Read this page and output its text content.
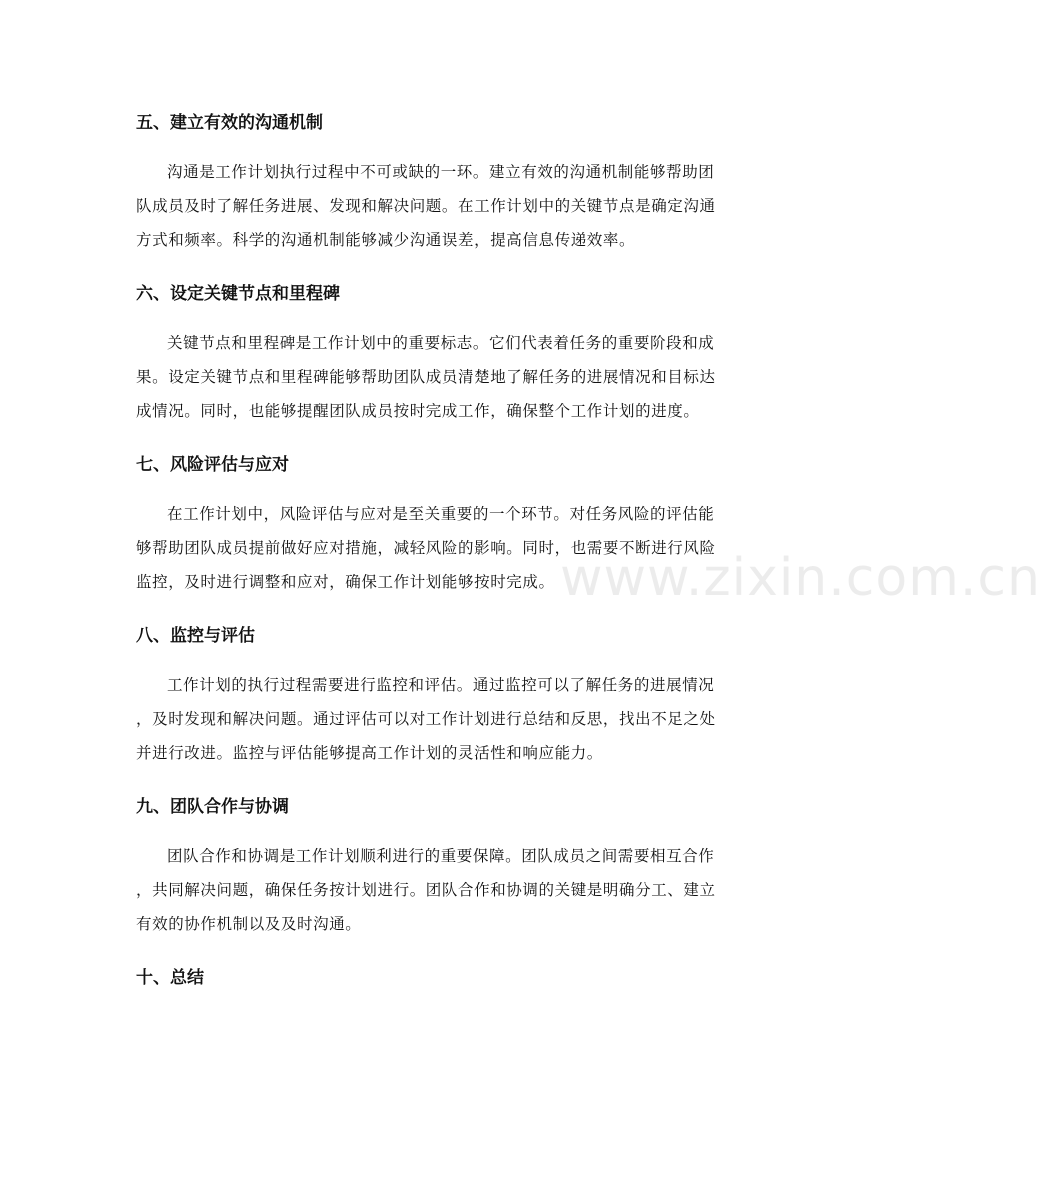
www.zixin.com.cn
五、建立有效的沟通机制

沟通是工作计划执行过程中不可或缺的一环。建立有效的沟通机制能够帮助团
队成员及时了解任务进展、发现和解决问题。在工作计划中的关键节点是确定沟通
方式和频率。科学的沟通机制能够减少沟通误差，提高信息传递效率。

六、设定关键节点和里程碑

关键节点和里程碑是工作计划中的重要标志。它们代表着任务的重要阶段和成
果。设定关键节点和里程碑能够帮助团队成员清楚地了解任务的进展情况和目标达
成情况。同时，也能够提醒团队成员按时完成工作，确保整个工作计划的进度。

七、风险评估与应对

在工作计划中，风险评估与应对是至关重要的一个环节。对任务风险的评估能
够帮助团队成员提前做好应对措施，减轻风险的影响。同时，也需要不断进行风险
监控，及时进行调整和应对，确保工作计划能够按时完成。

八、监控与评估

工作计划的执行过程需要进行监控和评估。通过监控可以了解任务的进展情况
，及时发现和解决问题。通过评估可以对工作计划进行总结和反思，找出不足之处
并进行改进。监控与评估能够提高工作计划的灵活性和响应能力。

九、团队合作与协调

团队合作和协调是工作计划顺利进行的重要保障。团队成员之间需要相互合作
，共同解决问题，确保任务按计划进行。团队合作和协调的关键是明确分工、建立
有效的协作机制以及及时沟通。

十、总结
